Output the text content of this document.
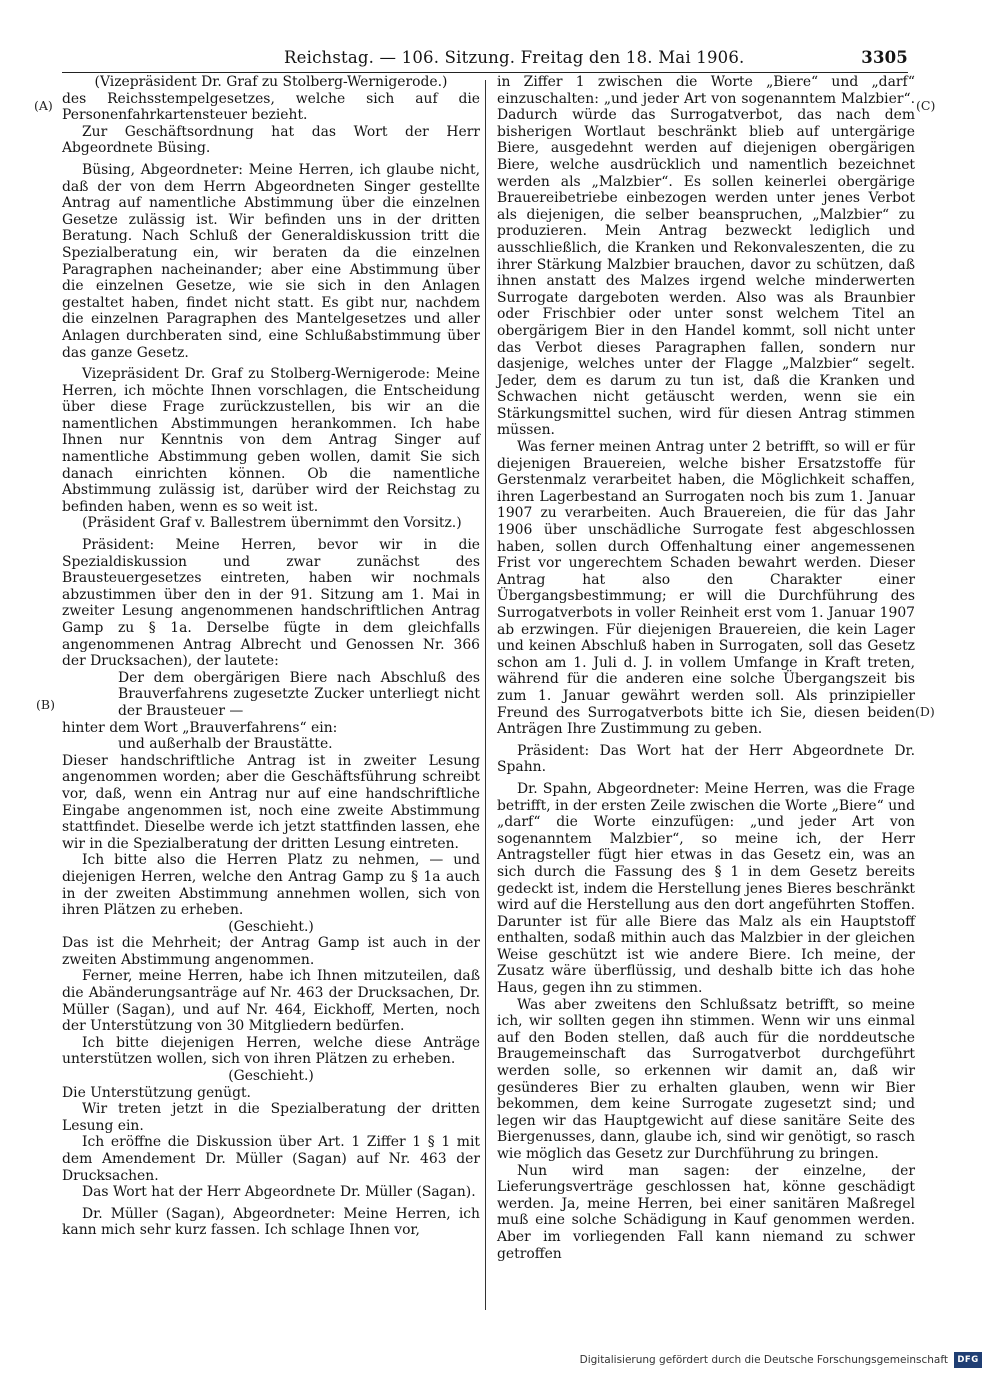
Reichstag. — 106. Sitzung. Freitag den 18. Mai 1906.	3305
(A)
(B)
(C)
(D)

(Vizepräsident Dr. Graf zu Stolberg-Wernigerode.)

des Reichsstempelgesetzes, welche sich auf die Personenfahrkartensteuer bezieht.

Zur Geschäftsordnung hat das Wort der Herr Abgeordnete Büsing.

Büsing, Abgeordneter: Meine Herren, ich glaube nicht, daß der von dem Herrn Abgeordneten Singer gestellte Antrag auf namentliche Abstimmung über die einzelnen Gesetze zulässig ist. Wir befinden uns in der dritten Beratung. Nach Schluß der Generaldiskussion tritt die Spezialberatung ein, wir beraten da die einzelnen Paragraphen nacheinander; aber eine Abstimmung über die einzelnen Gesetze, wie sie sich in den Anlagen gestaltet haben, findet nicht statt. Es gibt nur, nachdem die einzelnen Paragraphen des Mantelgesetzes und aller Anlagen durchberaten sind, eine Schlußabstimmung über das ganze Gesetz.

Vizepräsident Dr. Graf zu Stolberg-Wernigerode: Meine Herren, ich möchte Ihnen vorschlagen, die Entscheidung über diese Frage zurückzustellen, bis wir an die namentlichen Abstimmungen herankommen. Ich habe Ihnen nur Kenntnis von dem Antrag Singer auf namentliche Abstimmung geben wollen, damit Sie sich danach einrichten können. Ob die namentliche Abstimmung zulässig ist, darüber wird der Reichstag zu befinden haben, wenn es so weit ist.

(Präsident Graf v. Ballestrem übernimmt den Vorsitz.)

Präsident: Meine Herren, bevor wir in die Spezialdiskussion und zwar zunächst des Brausteuergesetzes eintreten, haben wir nochmals abzustimmen über den in der 91. Sitzung am 1. Mai in zweiter Lesung angenommenen handschriftlichen Antrag Gamp zu § 1a. Derselbe fügte in dem gleichfalls angenommenen Antrag Albrecht und Genossen Nr. 366 der Drucksachen), der lautete:

Der dem obergärigen Biere nach Abschluß des Brauverfahrens zugesetzte Zucker unterliegt nicht der Brausteuer —

hinter dem Wort „Brauverfahrens“ ein:

und außerhalb der Braustätte.

Dieser handschriftliche Antrag ist in zweiter Lesung angenommen worden; aber die Geschäftsführung schreibt vor, daß, wenn ein Antrag nur auf eine handschriftliche Eingabe angenommen ist, noch eine zweite Abstimmung stattfindet. Dieselbe werde ich jetzt stattfinden lassen, ehe wir in die Spezialberatung der dritten Lesung eintreten.

Ich bitte also die Herren Platz zu nehmen, — und diejenigen Herren, welche den Antrag Gamp zu § 1a auch in der zweiten Abstimmung annehmen wollen, sich von ihren Plätzen zu erheben.

(Geschieht.)

Das ist die Mehrheit; der Antrag Gamp ist auch in der zweiten Abstimmung angenommen.

Ferner, meine Herren, habe ich Ihnen mitzuteilen, daß die Abänderungsanträge auf Nr. 463 der Drucksachen, Dr. Müller (Sagan), und auf Nr. 464, Eickhoff, Merten, noch der Unterstützung von 30 Mitgliedern bedürfen.

Ich bitte diejenigen Herren, welche diese Anträge unterstützen wollen, sich von ihren Plätzen zu erheben.

(Geschieht.)

Die Unterstützung genügt.

Wir treten jetzt in die Spezialberatung der dritten Lesung ein.

Ich eröffne die Diskussion über Art. 1 Ziffer 1 § 1 mit dem Amendement Dr. Müller (Sagan) auf Nr. 463 der Drucksachen.

Das Wort hat der Herr Abgeordnete Dr. Müller (Sagan).

Dr. Müller (Sagan), Abgeordneter: Meine Herren, ich kann mich sehr kurz fassen. Ich schlage Ihnen vor,

in Ziffer 1 zwischen die Worte „Biere“ und „darf“ einzuschalten: „und jeder Art von sogenanntem Malzbier“. Dadurch würde das Surrogatverbot, das nach dem bisherigen Wortlaut beschränkt blieb auf untergärige Biere, ausgedehnt werden auf diejenigen obergärigen Biere, welche ausdrücklich und namentlich bezeichnet werden als „Malzbier“. Es sollen keinerlei obergärige Brauereibetriebe einbezogen werden unter jenes Verbot als diejenigen, die selber beanspruchen, „Malzbier“ zu produzieren. Mein Antrag bezweckt lediglich und ausschließlich, die Kranken und Rekonvaleszenten, die zu ihrer Stärkung Malzbier brauchen, davor zu schützen, daß ihnen anstatt des Malzes irgend welche minderwerten Surrogate dargeboten werden. Also was als Braunbier oder Frischbier oder unter sonst welchem Titel an obergärigem Bier in den Handel kommt, soll nicht unter das Verbot dieses Paragraphen fallen, sondern nur dasjenige, welches unter der Flagge „Malzbier“ segelt. Jeder, dem es darum zu tun ist, daß die Kranken und Schwachen nicht getäuscht werden, wenn sie ein Stärkungsmittel suchen, wird für diesen Antrag stimmen müssen.

Was ferner meinen Antrag unter 2 betrifft, so will er für diejenigen Brauereien, welche bisher Ersatzstoffe für Gerstenmalz verarbeitet haben, die Möglichkeit schaffen, ihren Lagerbestand an Surrogaten noch bis zum 1. Januar 1907 zu verarbeiten. Auch Brauereien, die für das Jahr 1906 über unschädliche Surrogate fest abgeschlossen haben, sollen durch Offenhaltung einer angemessenen Frist vor ungerechtem Schaden bewahrt werden. Dieser Antrag hat also den Charakter einer Übergangsbestimmung; er will die Durchführung des Surrogatverbots in voller Reinheit erst vom 1. Januar 1907 ab erzwingen. Für diejenigen Brauereien, die kein Lager und keinen Abschluß haben in Surrogaten, soll das Gesetz schon am 1. Juli d. J. in vollem Umfange in Kraft treten, während für die anderen eine solche Übergangszeit bis zum 1. Januar gewährt werden soll. Als prinzipieller Freund des Surrogatverbots bitte ich Sie, diesen beiden Anträgen Ihre Zustimmung zu geben.

Präsident: Das Wort hat der Herr Abgeordnete Dr. Spahn.

Dr. Spahn, Abgeordneter: Meine Herren, was die Frage betrifft, in der ersten Zeile zwischen die Worte „Biere“ und „darf“ die Worte einzufügen: „und jeder Art von sogenanntem Malzbier“, so meine ich, der Herr Antragsteller fügt hier etwas in das Gesetz ein, was an sich durch die Fassung des § 1 in dem Gesetz bereits gedeckt ist, indem die Herstellung jenes Bieres beschränkt wird auf die Herstellung aus den dort angeführten Stoffen. Darunter ist für alle Biere das Malz als ein Hauptstoff enthalten, sodaß mithin auch das Malzbier in der gleichen Weise geschützt ist wie andere Biere. Ich meine, der Zusatz wäre überflüssig, und deshalb bitte ich das hohe Haus, gegen ihn zu stimmen.

Was aber zweitens den Schlußsatz betrifft, so meine ich, wir sollten gegen ihn stimmen. Wenn wir uns einmal auf den Boden stellen, daß auch für die norddeutsche Braugemeinschaft das Surrogatverbot durchgeführt werden solle, so erkennen wir damit an, daß wir gesünderes Bier zu erhalten glauben, wenn wir Bier bekommen, dem keine Surrogate zugesetzt sind; und legen wir das Hauptgewicht auf diese sanitäre Seite des Biergenusses, dann, glaube ich, sind wir genötigt, so rasch wie möglich das Gesetz zur Durchführung zu bringen.

Nun wird man sagen: der einzelne, der Lieferungsverträge geschlossen hat, könne geschädigt werden. Ja, meine Herren, bei einer sanitären Maßregel muß eine solche Schädigung in Kauf genommen werden. Aber im vorliegenden Fall kann niemand zu schwer getroffen

Digitalisierung gefördert durch die Deutsche Forschungsgemeinschaft	DFG
